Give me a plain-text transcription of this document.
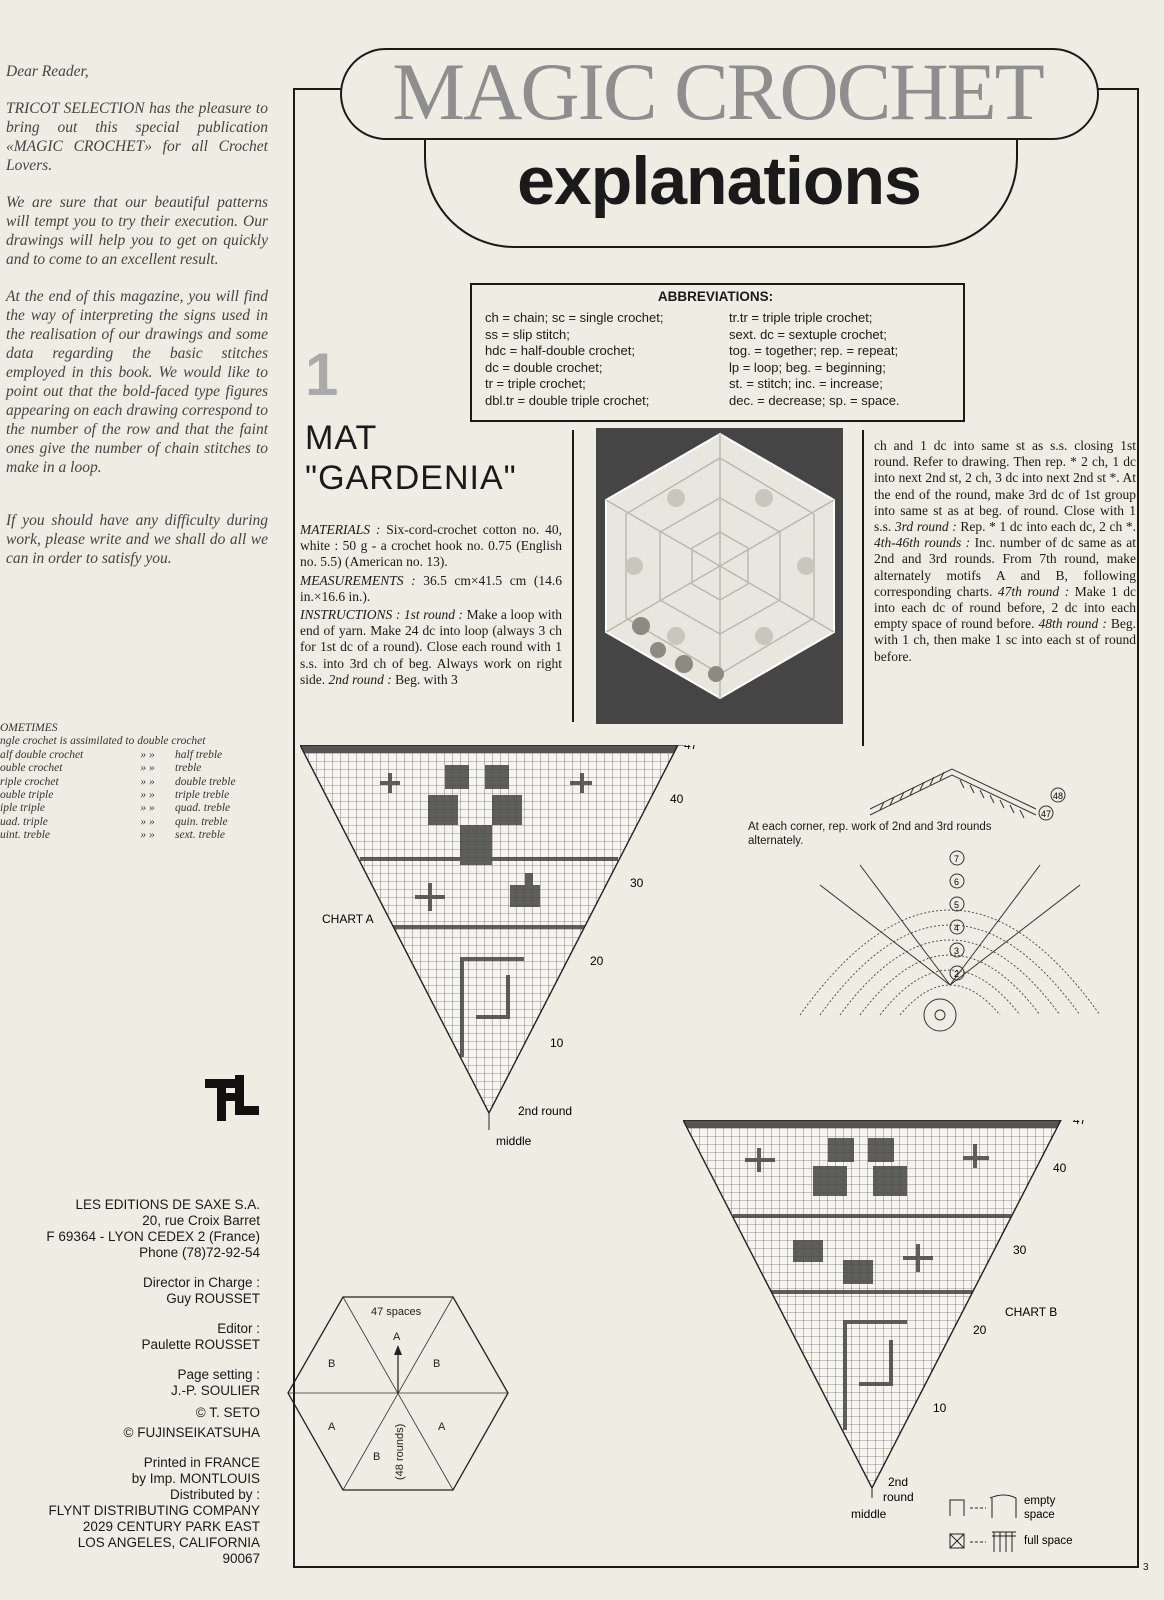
Dear Reader,

TRICOT SELECTION has the pleasure to bring out this special publication «MAGIC CROCHET» for all Crochet Lovers.

We are sure that our beautiful patterns will tempt you to try their execution. Our drawings will help you to get on quickly and to come to an excellent result.

At the end of this magazine, you will find the way of interpreting the signs used in the realisation of our drawings and some data regarding the basic stitches employed in this book. We would like to point out that the bold-faced type figures appearing on each drawing correspond to the number of the row and that the faint ones give the number of chain stitches to make in a loop.

If you should have any difficulty during work, please write and we shall do all we can in order to satisfy you.

OMETIMES
ngle crochet is assimilated to double crochet
alf double crochet	» »	half treble
ouble crochet	» »	treble
riple crochet	» »	double treble
ouble triple	» »	triple treble
iple triple	» »	quad. treble
uad. triple	» »	quin. treble
uint. treble	» »	sext. treble
LES EDITIONS DE SAXE S.A.
20, rue Croix Barret
F 69364 - LYON CEDEX 2 (France)
Phone (78)72-92-54
Director in Charge :
Guy ROUSSET
Editor :
Paulette ROUSSET
Page setting :
J.-P. SOULIER
© T. SETO
© FUJINSEIKATSUHA
Printed in FRANCE
by Imp. MONTLOUIS
Distributed by :
FLYNT DISTRIBUTING COMPANY
2029 CENTURY PARK EAST
LOS ANGELES, CALIFORNIA
90067
MAGIC CROCHET
explanations
ABBREVIATIONS:
ch = chain; sc = single crochet;
ss = slip stitch;
hdc = half-double crochet;
dc = double crochet;
tr = triple crochet;
dbl.tr = double triple crochet;
tr.tr = triple triple crochet;
sext. dc = sextuple crochet;
tog. = together; rep. = repeat;
lp = loop; beg. = beginning;
st. = stitch; inc. = increase;
dec. = decrease; sp. = space.
1
MAT
"GARDENIA"

MATERIALS : Six-cord-crochet cotton no. 40, white : 50 g - a crochet hook no. 0.75 (English no. 5.5) (American no. 13).

MEASUREMENTS : 36.5 cm×41.5 cm (14.6 in.×16.6 in.).

INSTRUCTIONS : 1st round : Make a loop with end of yarn. Make 24 dc into loop (always 3 ch for 1st dc of a round). Close each round with 1 s.s. into 3rd ch of beg. Always work on right side. 2nd round : Beg. with 3

ch and 1 dc into same st as s.s. closing 1st round. Refer to drawing. Then rep. * 2 ch, 1 dc into next 2nd st, 2 ch, 3 dc into next 2nd st *. At the end of the round, make 3rd dc of 1st group into same st as at beg. of round. Close with 1 s.s. 3rd round : Rep. * 1 dc into each dc, 2 ch *. 4th-46th rounds : Inc. number of dc same as at 2nd and 3rd rounds. From 7th round, make alternately motifs A and B, following corresponding charts. 47th round : Make 1 dc into each dc of round before, 2 dc into each empty space of round before. 48th round : Beg. with 1 ch, then make 1 sc into each st of round before.
47
40
30
20
10
CHART A
2nd round
middle
48
47
At each corner, rep. work of 2nd and 3rd rounds alternately.
7
6
5
4
3
2
47
40
30
20
10
CHART B
2nd
round
middle
47 spaces
A
B	B
A	A
B (48 rounds)
empty
space
full space
3
